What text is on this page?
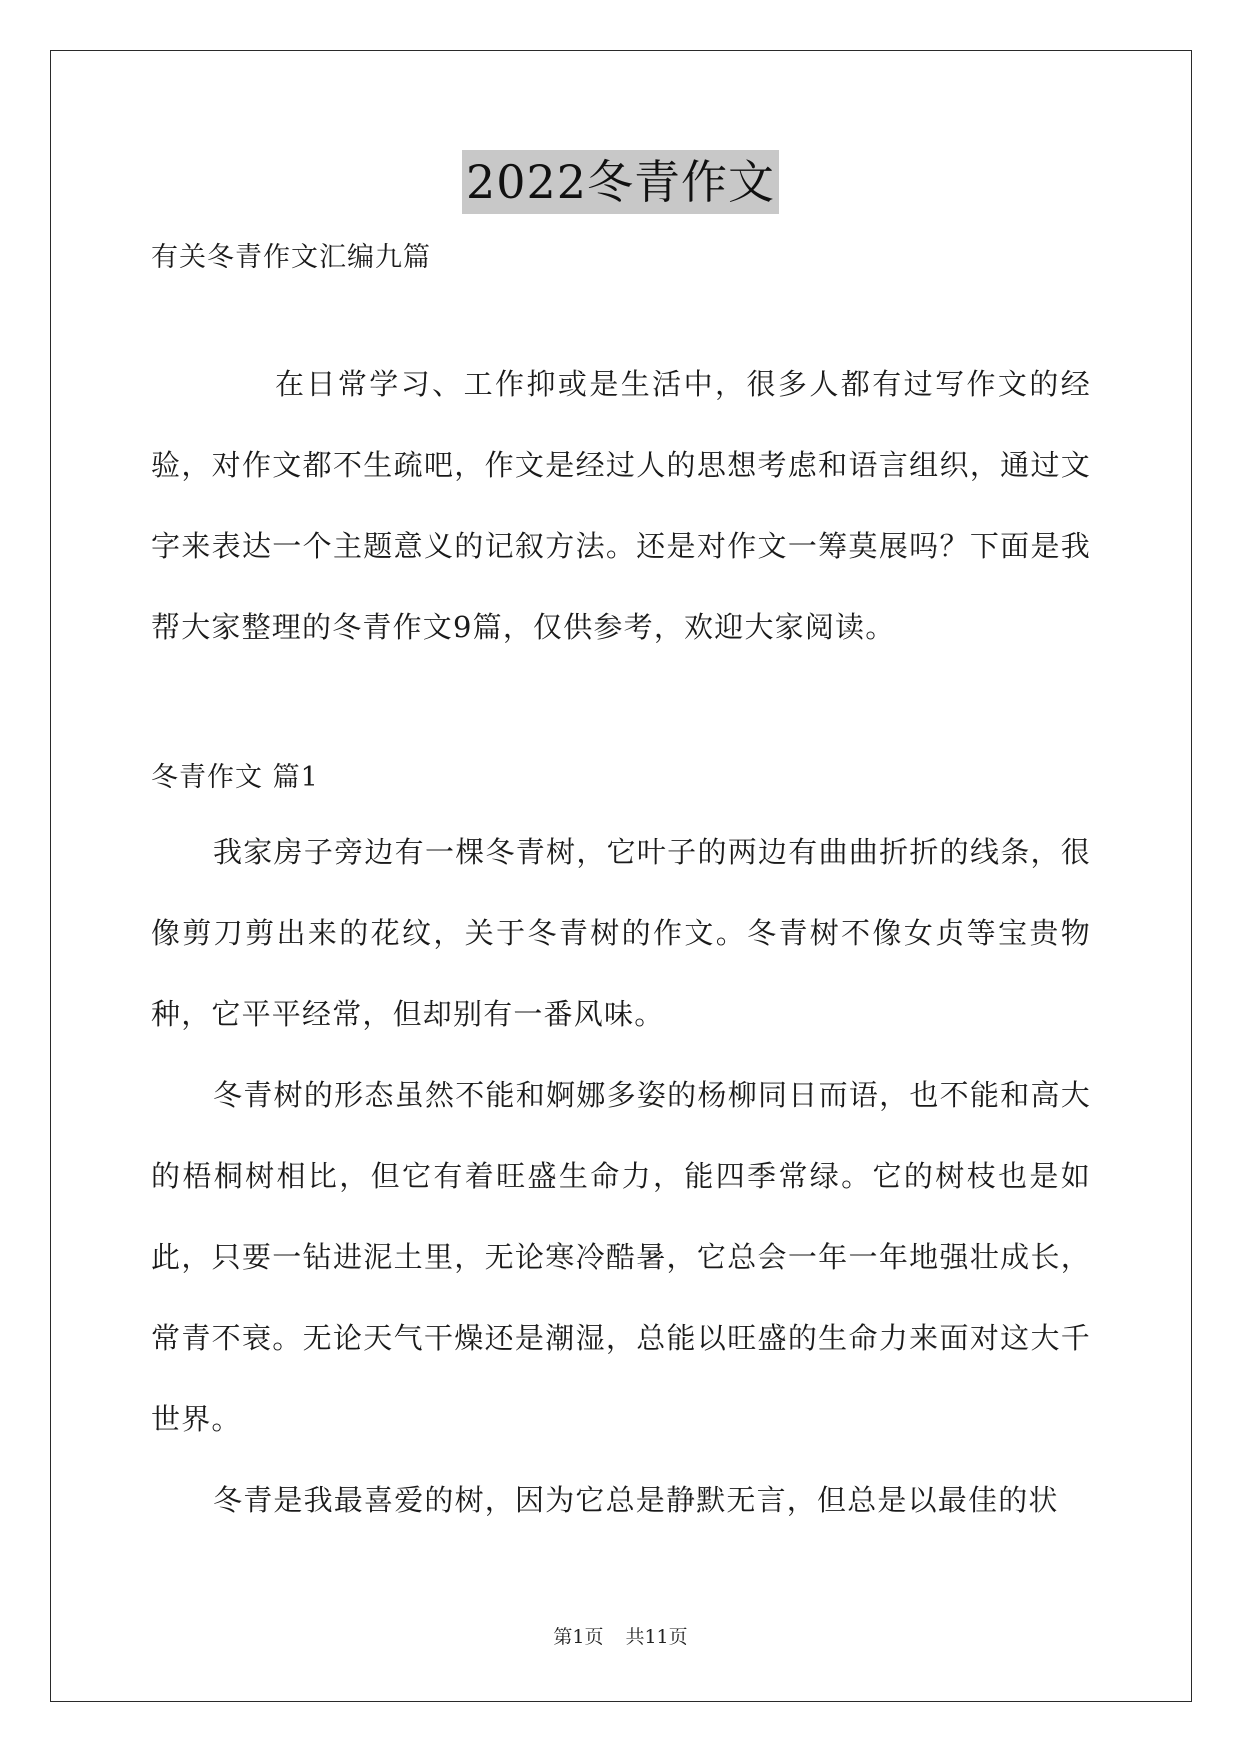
2022冬青作文
有关冬青作文汇编九篇

在日常学习、工作抑或是生活中，很多人都有过写作文的经验，对作文都不生疏吧，作文是经过人的思想考虑和语言组织，通过文字来表达一个主题意义的记叙方法。还是对作文一筹莫展吗？下面是我帮大家整理的冬青作文9篇，仅供参考，欢迎大家阅读。

冬青作文 篇1

我家房子旁边有一棵冬青树，它叶子的两边有曲曲折折的线条，很像剪刀剪出来的花纹，关于冬青树的作文。冬青树不像女贞等宝贵物种，它平平经常，但却别有一番风味。

冬青树的形态虽然不能和婀娜多姿的杨柳同日而语，也不能和高大的梧桐树相比，但它有着旺盛生命力，能四季常绿。它的树枝也是如此，只要一钻进泥土里，无论寒冷酷暑，它总会一年一年地强壮成长，常青不衰。无论天气干燥还是潮湿，总能以旺盛的生命力来面对这大千世界。

冬青是我最喜爱的树，因为它总是静默无言，但总是以最佳的状

第1页 共11页
